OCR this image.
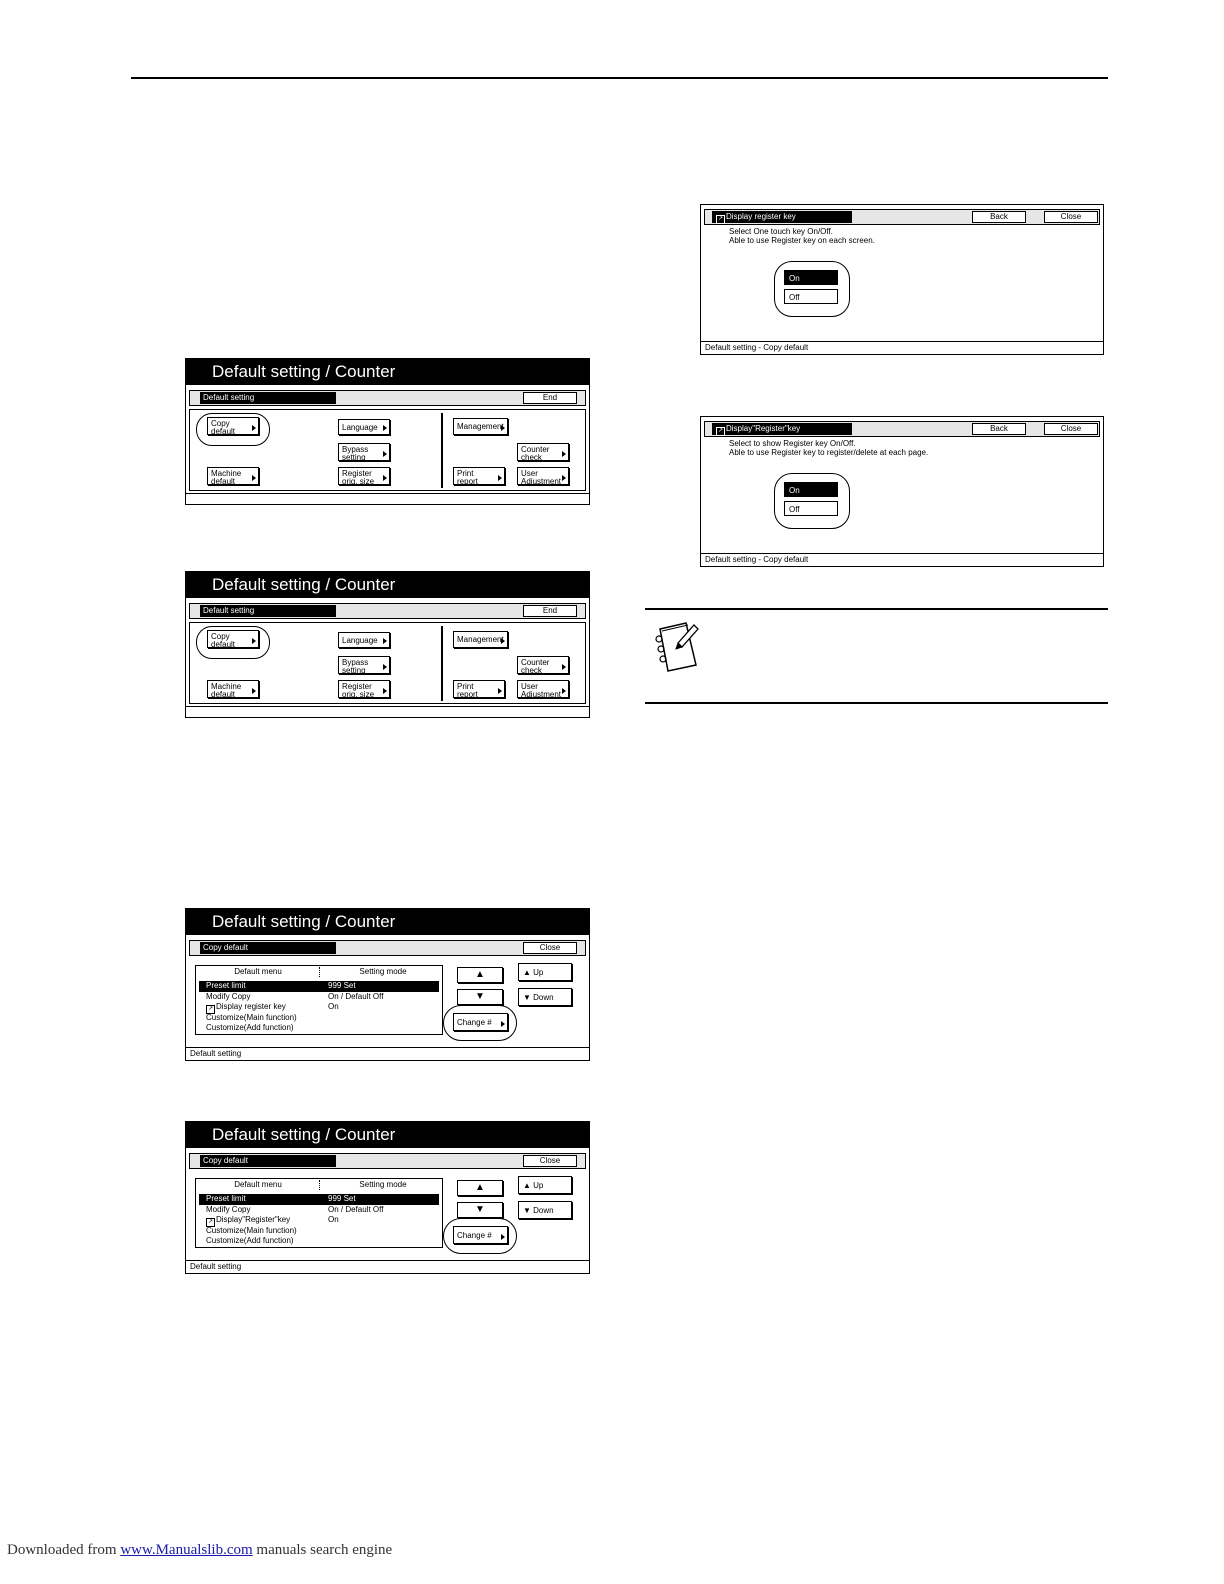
Default setting / Counter
Default setting	End
Copy
default
Machine
default
Language
Bypass
setting
Register
orig. size
Management
Counter
check
Print
report
User
Adjustment
Default setting / Counter
Default setting	End
Copy
default
Machine
default
Language
Bypass
setting
Register
orig. size
Management
Counter
check
Print
report
User
Adjustment
Default setting / Counter
Copy default	Close
Default menu	Setting mode
Preset limit	999 Set
Modify Copy	On / Default Off
↗ Display register key	On
Customize(Main function)
Customize(Add function)
▲
▼
▲ Up
▼ Down
Change #
Default setting
Default setting / Counter
Copy default	Close
Default menu	Setting mode
Preset limit	999 Set
Modify Copy	On / Default Off
↗ Display"Register"key	On
Customize(Main function)
Customize(Add function)
▲
▼
▲ Up
▼ Down
Change #
Default setting
↗ Display register key	Back	Close
Select One touch key On/Off.
Able to use Register key on each screen.
On
Off
Default setting - Copy default
↗ Display"Register"key	Back	Close
Select to show Register key On/Off.
Able to use Register key to register/delete at each page.
On
Off
Default setting - Copy default
Downloaded from www.Manualslib.com manuals search engine
